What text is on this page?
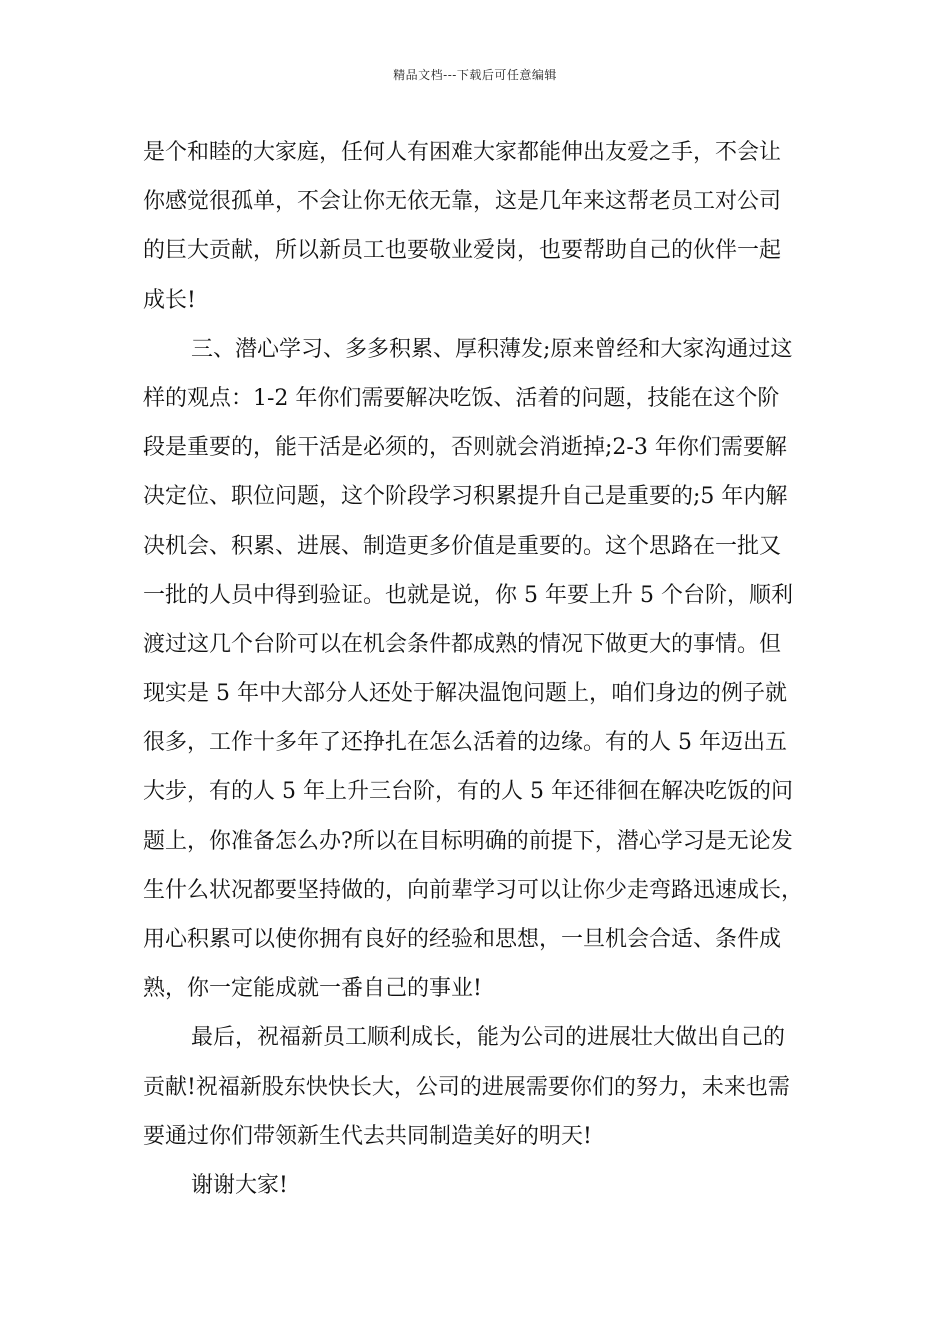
精品文档---下载后可任意编辑
是个和睦的大家庭，任何人有困难大家都能伸出友爱之手，不会让
你感觉很孤单，不会让你无依无靠，这是几年来这帮老员工对公司
的巨大贡献，所以新员工也要敬业爱岗，也要帮助自己的伙伴一起
成长!
三、潜心学习、多多积累、厚积薄发;原来曾经和大家沟通过这
样的观点：1-2 年你们需要解决吃饭、活着的问题，技能在这个阶
段是重要的，能干活是必须的，否则就会消逝掉;2-3 年你们需要解
决定位、职位问题，这个阶段学习积累提升自己是重要的;5 年内解
决机会、积累、进展、制造更多价值是重要的。这个思路在一批又
一批的人员中得到验证。也就是说，你 5 年要上升 5 个台阶，顺利
渡过这几个台阶可以在机会条件都成熟的情况下做更大的事情。但
现实是 5 年中大部分人还处于解决温饱问题上，咱们身边的例子就
很多，工作十多年了还挣扎在怎么活着的边缘。有的人 5 年迈出五
大步，有的人 5 年上升三台阶，有的人 5 年还徘徊在解决吃饭的问
题上，你准备怎么办?所以在目标明确的前提下，潜心学习是无论发
生什么状况都要坚持做的，向前辈学习可以让你少走弯路迅速成长，
用心积累可以使你拥有良好的经验和思想，一旦机会合适、条件成
熟，你一定能成就一番自己的事业!
最后，祝福新员工顺利成长，能为公司的进展壮大做出自己的
贡献!祝福新股东快快长大，公司的进展需要你们的努力，未来也需
要通过你们带领新生代去共同制造美好的明天!
谢谢大家!
